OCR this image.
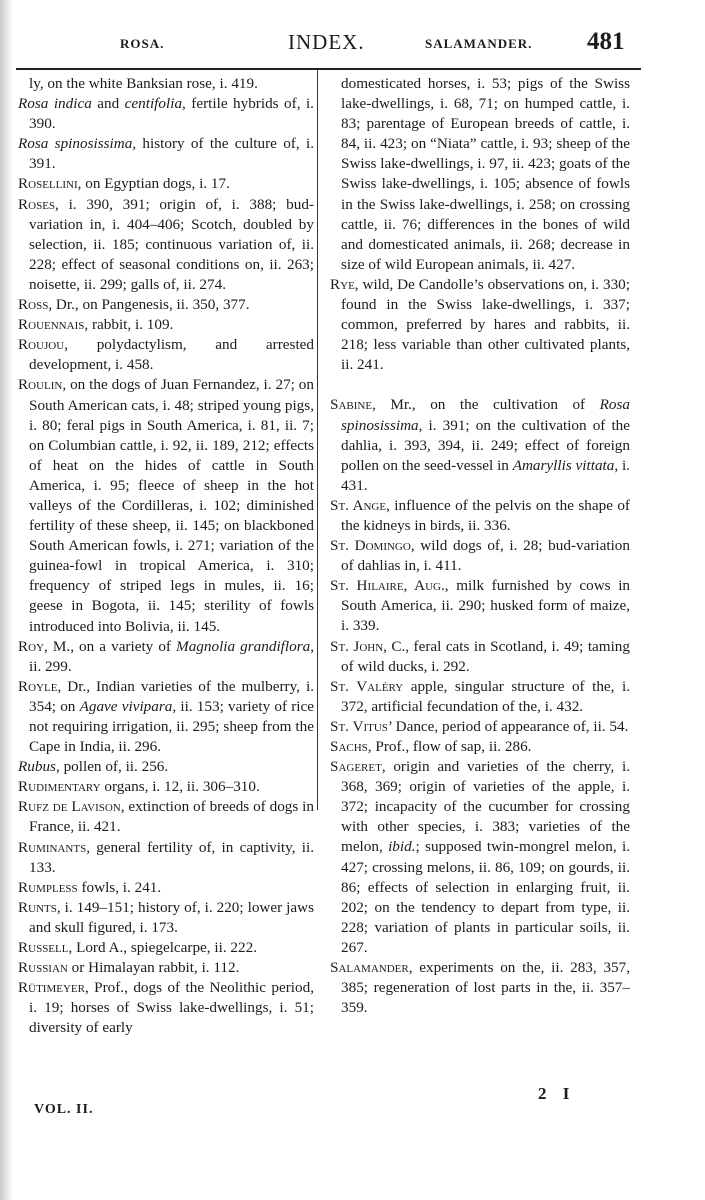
ROSA.	INDEX.	SALAMANDER. 481

ly, on the white Banksian rose, i. 419.

Rosa indica and centifolia, fertile hybrids of, i. 390.

Rosa spinosissima, history of the culture of, i. 391.

Rosellini, on Egyptian dogs, i. 17.

Roses, i. 390, 391; origin of, i. 388; bud-variation in, i. 404–406; Scotch, doubled by selection, ii. 185; continuous variation of, ii. 228; effect of seasonal conditions on, ii. 263; noisette, ii. 299; galls of, ii. 274.

Ross, Dr., on Pangenesis, ii. 350, 377.

Rouennais, rabbit, i. 109.

Roujou, polydactylism, and arrested development, i. 458.

Roulin, on the dogs of Juan Fernandez, i. 27; on South American cats, i. 48; striped young pigs, i. 80; feral pigs in South America, i. 81, ii. 7; on Columbian cattle, i. 92, ii. 189, 212; effects of heat on the hides of cattle in South America, i. 95; fleece of sheep in the hot valleys of the Cordilleras, i. 102; diminished fertility of these sheep, ii. 145; on blackboned South American fowls, i. 271; variation of the guinea-fowl in tropical America, i. 310; frequency of striped legs in mules, ii. 16; geese in Bogota, ii. 145; sterility of fowls introduced into Bolivia, ii. 145.

Roy, M., on a variety of Magnolia grandiflora, ii. 299.

Royle, Dr., Indian varieties of the mulberry, i. 354; on Agave vivipara, ii. 153; variety of rice not requiring irrigation, ii. 295; sheep from the Cape in India, ii. 296.

Rubus, pollen of, ii. 256.

Rudimentary organs, i. 12, ii. 306–310.

Rufz de Lavison, extinction of breeds of dogs in France, ii. 421.

Ruminants, general fertility of, in captivity, ii. 133.

Rumpless fowls, i. 241.

Runts, i. 149–151; history of, i. 220; lower jaws and skull figured, i. 173.

Russell, Lord A., spiegelcarpe, ii. 222.

Russian or Himalayan rabbit, i. 112.

Rütimeyer, Prof., dogs of the Neolithic period, i. 19; horses of Swiss lake-dwellings, i. 51; diversity of early

domesticated horses, i. 53; pigs of the Swiss lake-dwellings, i. 68, 71; on humped cattle, i. 83; parentage of European breeds of cattle, i. 84, ii. 423; on “Niata” cattle, i. 93; sheep of the Swiss lake-dwellings, i. 97, ii. 423; goats of the Swiss lake-dwellings, i. 105; absence of fowls in the Swiss lake-dwellings, i. 258; on crossing cattle, ii. 76; differences in the bones of wild and domesticated animals, ii. 268; decrease in size of wild European animals, ii. 427.

Rye, wild, De Candolle’s observations on, i. 330; found in the Swiss lake-dwellings, i. 337; common, preferred by hares and rabbits, ii. 218; less variable than other cultivated plants, ii. 241.

Sabine, Mr., on the cultivation of Rosa spinosissima, i. 391; on the cultivation of the dahlia, i. 393, 394, ii. 249; effect of foreign pollen on the seed-vessel in Amaryllis vittata, i. 431.

St. Ange, influence of the pelvis on the shape of the kidneys in birds, ii. 336.

St. Domingo, wild dogs of, i. 28; bud-variation of dahlias in, i. 411.

St. Hilaire, Aug., milk furnished by cows in South America, ii. 290; husked form of maize, i. 339.

St. John, C., feral cats in Scotland, i. 49; taming of wild ducks, i. 292.

St. Valéry apple, singular structure of the, i. 372, artificial fecundation of the, i. 432.

St. Vitus’ Dance, period of appearance of, ii. 54.

Sachs, Prof., flow of sap, ii. 286.

Sageret, origin and varieties of the cherry, i. 368, 369; origin of varieties of the apple, i. 372; incapacity of the cucumber for crossing with other species, i. 383; varieties of the melon, ibid.; supposed twin-mongrel melon, i. 427; crossing melons, ii. 86, 109; on gourds, ii. 86; effects of selection in enlarging fruit, ii. 202; on the tendency to depart from type, ii. 228; variation of plants in particular soils, ii. 267.

Salamander, experiments on the, ii. 283, 357, 385; regeneration of lost parts in the, ii. 357–359.

VOL. II.
2 I
